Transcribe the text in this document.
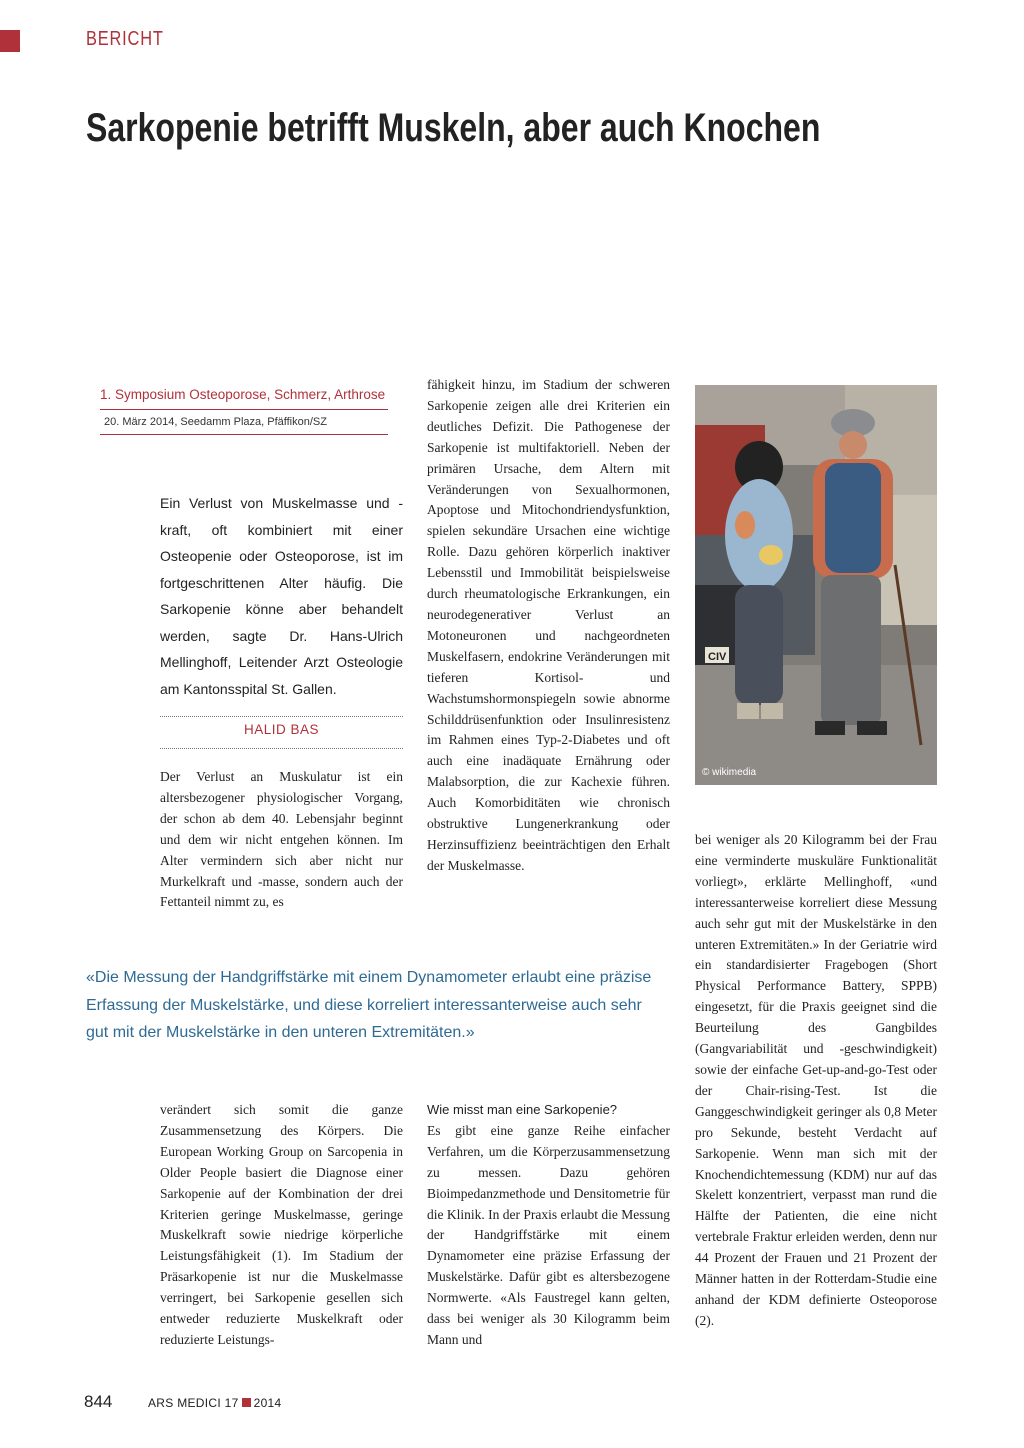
BERICHT
Sarkopenie betrifft Muskeln, aber auch Knochen
1. Symposium Osteoporose, Schmerz, Arthrose
20. März 2014, Seedamm Plaza, Pfäffikon/SZ

Ein Verlust von Muskelmasse und -kraft, oft kombiniert mit einer Osteopenie oder Osteoporose, ist im fortgeschrittenen Alter häufig. Die Sarkopenie könne aber behandelt werden, sagte Dr. Hans-Ulrich Mellinghoff, Leitender Arzt Osteologie am Kantonsspital St. Gallen.

HALID BAS

Der Verlust an Muskulatur ist ein altersbezogener physiologischer Vorgang, der schon ab dem 40. Lebensjahr beginnt und dem wir nicht entgehen können. Im Alter vermindern sich aber nicht nur Murkelkraft und -masse, sondern auch der Fettanteil nimmt zu, es

fähigkeit hinzu, im Stadium der schweren Sarkopenie zeigen alle drei Kriterien ein deutliches Defizit. Die Pathogenese der Sarkopenie ist multifaktoriell. Neben der primären Ursache, dem Altern mit Veränderungen von Sexualhormonen, Apoptose und Mitochondriendysfunktion, spielen sekundäre Ursachen eine wichtige Rolle. Dazu gehören körperlich inaktiver Lebensstil und Immobilität beispielsweise durch rheumatologische Erkrankungen, ein neurodegenerativer Verlust an Motoneuronen und nachgeordneten Muskelfasern, endokrine Veränderungen mit tieferen Kortisol- und Wachstumshormonspiegeln sowie abnorme Schilddrüsenfunktion oder Insulinresistenz im Rahmen eines Typ-2-Diabetes und oft auch eine inadäquate Ernährung oder Malabsorption, die zur Kachexie führen. Auch Komorbiditäten wie chronisch obstruktive Lungenerkrankung oder Herzinsuffizienz beeinträchtigen den Erhalt der Muskelmasse.

CIV
© wikimedia

bei weniger als 20 Kilogramm bei der Frau eine verminderte muskuläre Funktionalität vorliegt», erklärte Mellinghoff, «und interessanterweise korreliert diese Messung auch sehr gut mit der Muskelstärke in den unteren Extremitäten.» In der Geriatrie wird ein standardisierter Fragebogen (Short Physical Performance Battery, SPPB) eingesetzt, für die Praxis geeignet sind die Beurteilung des Gangbildes (Gangvariabilität und -geschwindigkeit) sowie der einfache Get-up-and-go-Test oder der Chair-rising-Test. Ist die Ganggeschwindigkeit geringer als 0,8 Meter pro Sekunde, besteht Verdacht auf Sarkopenie. Wenn man sich mit der Knochendichtemessung (KDM) nur auf das Skelett konzentriert, verpasst man rund die Hälfte der Patienten, die eine nicht vertebrale Fraktur erleiden werden, denn nur 44 Prozent der Frauen und 21 Prozent der Männer hatten in der Rotterdam-Studie eine anhand der KDM definierte Osteoporose (2).

«Die Messung der Handgriffstärke mit einem Dynamometer erlaubt eine präzise Erfassung der Muskelstärke, und diese korreliert interessanterweise auch sehr gut mit der Muskelstärke in den unteren Extremitäten.»

verändert sich somit die ganze Zusammensetzung des Körpers. Die European Working Group on Sarcopenia in Older People basiert die Diagnose einer Sarkopenie auf der Kombination der drei Kriterien geringe Muskelmasse, geringe Muskelkraft sowie niedrige körperliche Leistungsfähigkeit (1). Im Stadium der Präsarkopenie ist nur die Muskelmasse verringert, bei Sarkopenie gesellen sich entweder reduzierte Muskelkraft oder reduzierte Leistungs-

Wie misst man eine Sarkopenie?
Es gibt eine ganze Reihe einfacher Verfahren, um die Körperzusammensetzung zu messen. Dazu gehören Bioimpedanzmethode und Densitometrie für die Klinik. In der Praxis erlaubt die Messung der Handgriffstärke mit einem Dynamometer eine präzise Erfassung der Muskelstärke. Dafür gibt es altersbezogene Normwerte. «Als Faustregel kann gelten, dass bei weniger als 30 Kilogramm beim Mann und
844	ARS MEDICI 17 2014
